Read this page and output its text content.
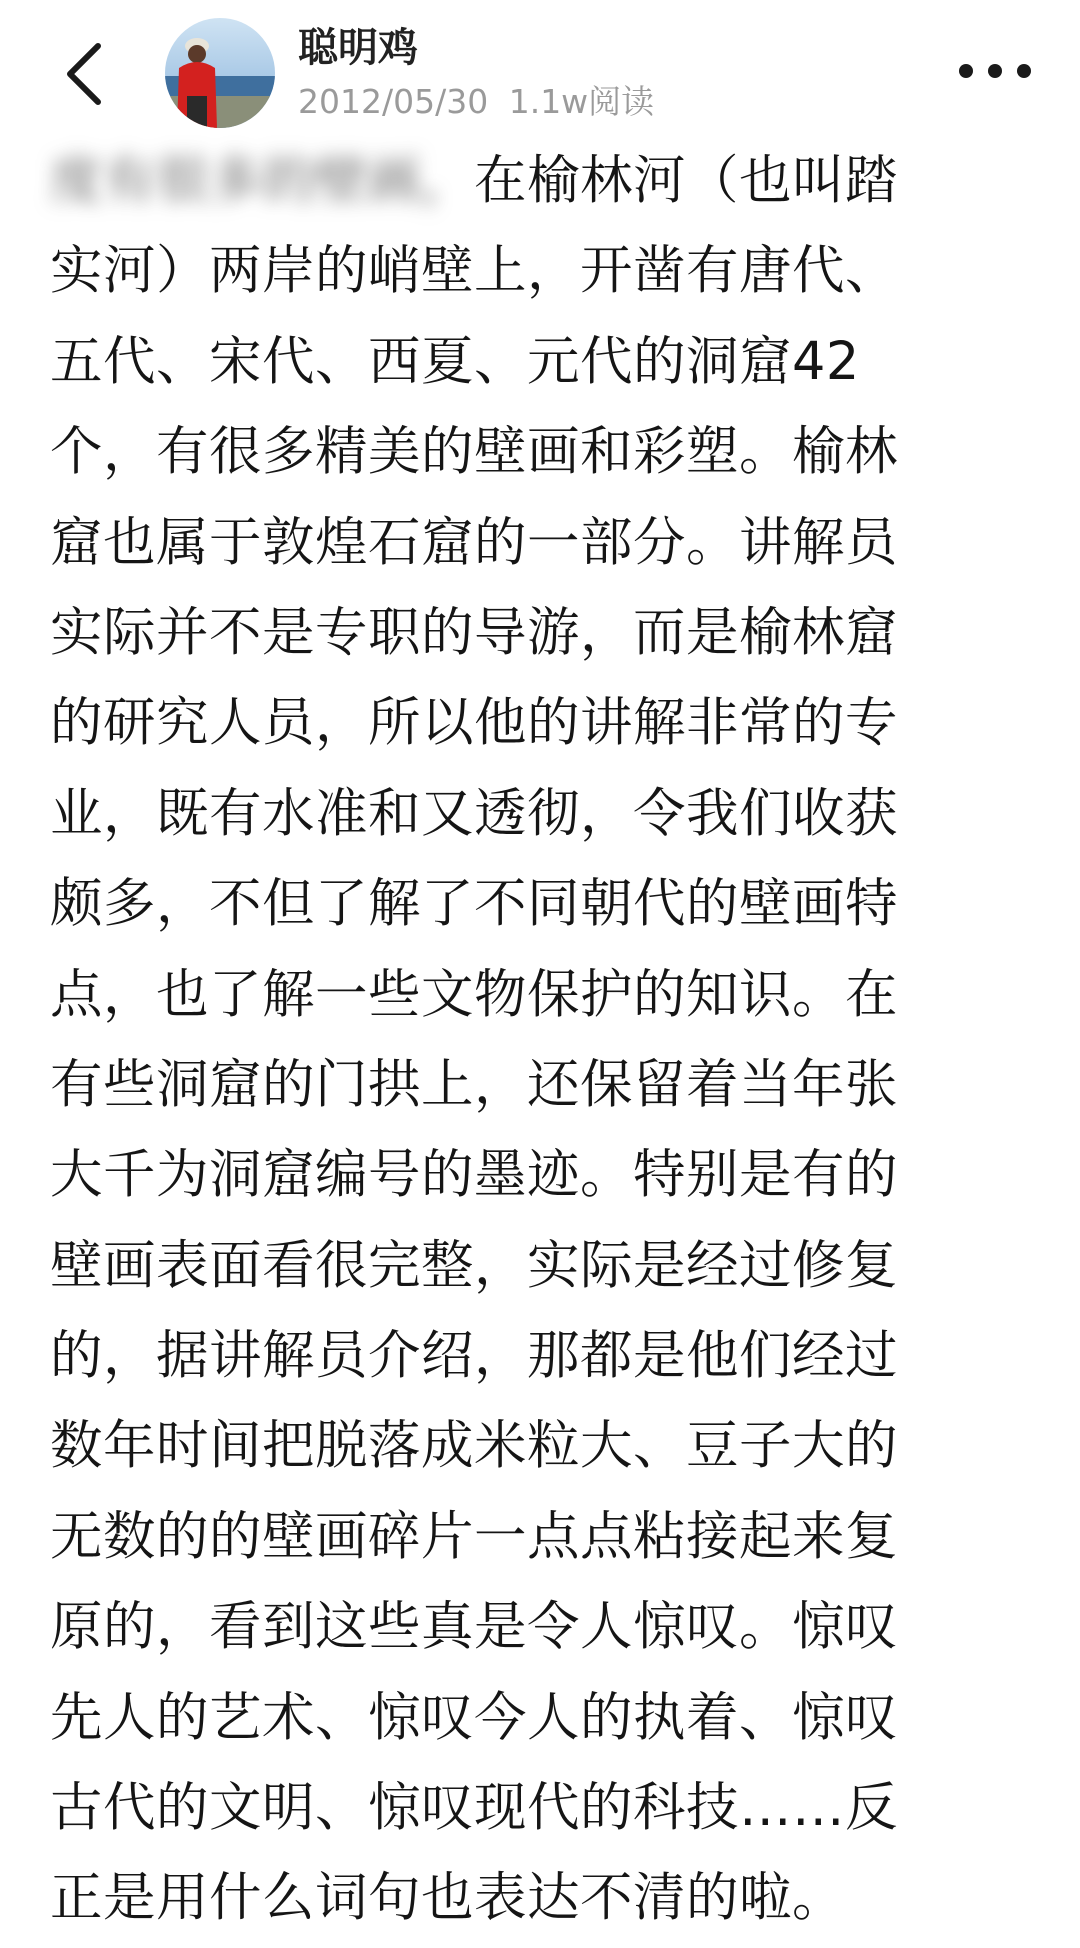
聪明鸡
2012/05/30 1.1w阅读
度有很多的壁画，在榆林河（也叫踏
实河）两岸的峭壁上，开凿有唐代、
五代、宋代、西夏、元代的洞窟42
个，有很多精美的壁画和彩塑。榆林
窟也属于敦煌石窟的一部分。讲解员
实际并不是专职的导游，而是榆林窟
的研究人员，所以他的讲解非常的专
业，既有水准和又透彻，令我们收获
颇多，不但了解了不同朝代的壁画特
点，也了解一些文物保护的知识。在
有些洞窟的门拱上，还保留着当年张
大千为洞窟编号的墨迹。特别是有的
壁画表面看很完整，实际是经过修复
的，据讲解员介绍，那都是他们经过
数年时间把脱落成米粒大、豆子大的
无数的的壁画碎片一点点粘接起来复
原的，看到这些真是令人惊叹。惊叹
先人的艺术、惊叹今人的执着、惊叹
古代的文明、惊叹现代的科技……反
正是用什么词句也表达不清的啦。
